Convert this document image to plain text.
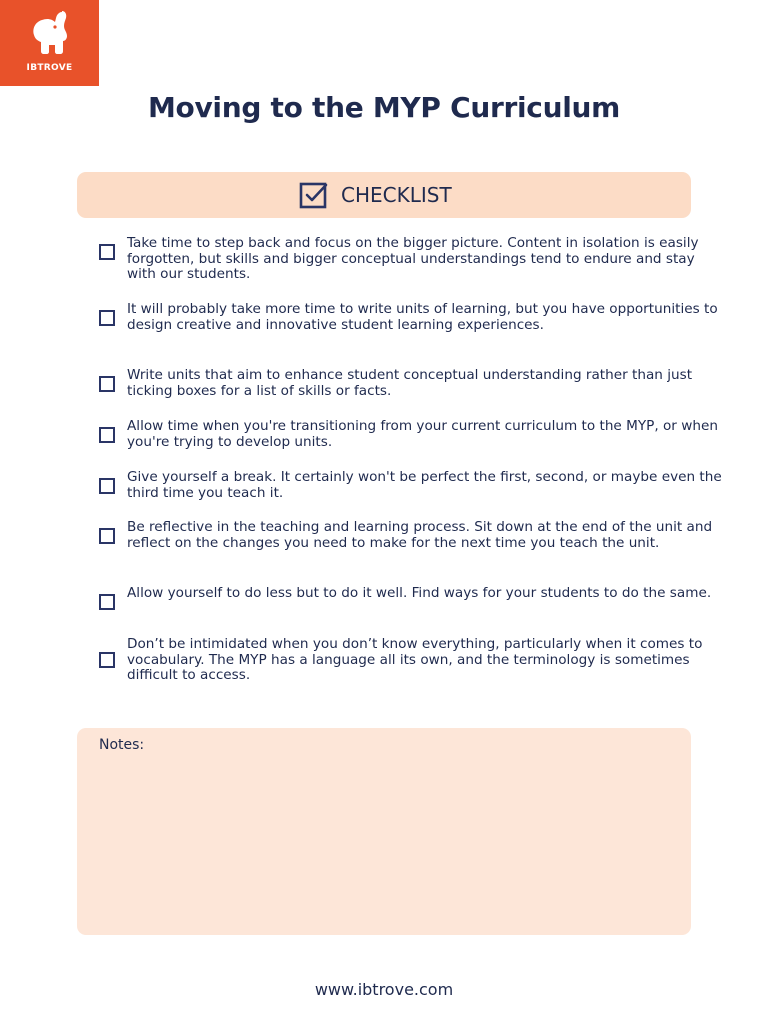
IBTROVE
Moving to the MYP Curriculum
CHECKLIST
Take time to step back and focus on the bigger picture. Content in isolation is easily forgotten, but skills and bigger conceptual understandings tend to endure and stay with our students.
It will probably take more time to write units of learning, but you have opportunities to design creative and innovative student learning experiences.
Write units that aim to enhance student conceptual understanding rather than just ticking boxes for a list of skills or facts.
Allow time when you're transitioning from your current curriculum to the MYP, or when you're trying to develop units.
Give yourself a break. It certainly won't be perfect the first, second, or maybe even the third time you teach it.
Be reflective in the teaching and learning process. Sit down at the end of the unit and reflect on the changes you need to make for the next time you teach the unit.
Allow yourself to do less but to do it well. Find ways for your students to do the same.
Don’t be intimidated when you don’t know everything, particularly when it comes to vocabulary. The MYP has a language all its own, and the terminology is sometimes difficult to access.
Notes:
www.ibtrove.com
